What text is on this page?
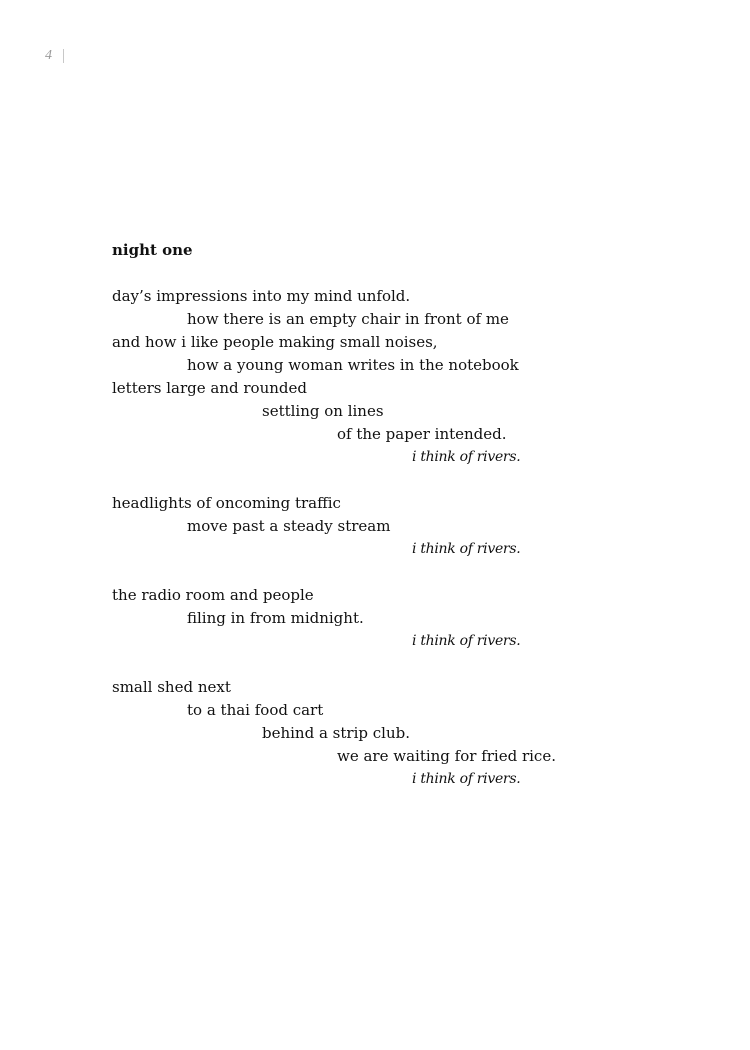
4
night one
day’s impressions into my mind unfold.
how there is an empty chair in front of me
and how i like people making small noises,
how a young woman writes in the notebook
letters large and rounded
settling on lines
of the paper intended.
i think of rivers.
headlights of oncoming traffic
move past a steady stream
i think of rivers.
the radio room and people
filing in from midnight.
i think of rivers.
small shed next
to a thai food cart
behind a strip club.
we are waiting for fried rice.
i think of rivers.
